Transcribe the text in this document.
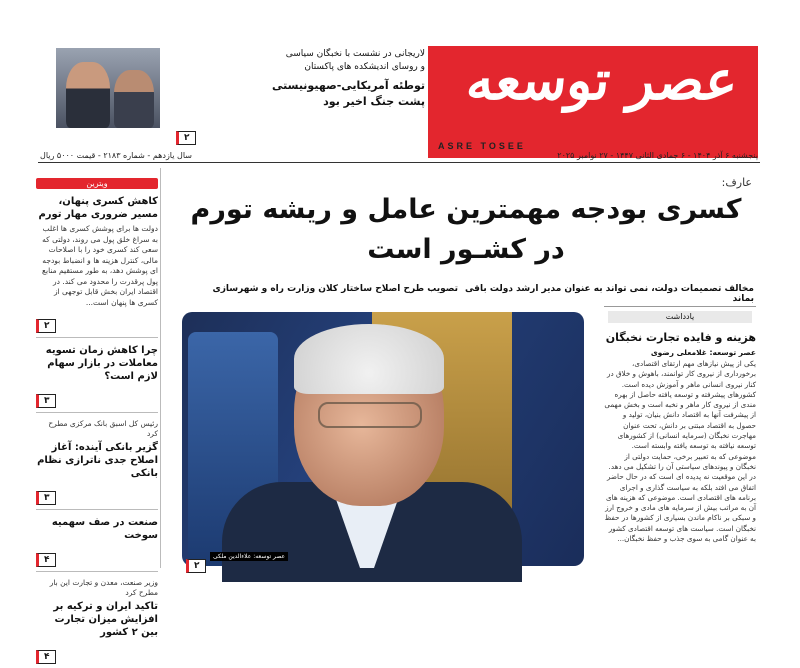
عصر توسعه
ASRE TOSEE
پنجشنبه ۶ آذر ۱۴۰۴ - ۶ جمادی الثانی ۱۴۴۷ - ۲۷ نوامبر ۲۰۲۵
سال یازدهم - شماره ۲۱۸۳ - قیمت ۵۰۰۰ ریال
لاریجانی در نشست با نخبگان سیاسی
و روسای اندیشکده های پاکستان
توطئه آمریکایی-صهیونیستی
پشت جنگ اخیر بود
۲
ویترین
کاهش کسری پنهان، مسیر ضروری مهار تورم
دولت ها برای پوشش کسری ها اغلب به سراغ خلق پول می روند، دولتی که سعی کند کسری خود را با اصلاحات مالی، کنترل هزینه ها و انضباط بودجه ای پوشش دهد، به طور مستقیم منابع پول پرقدرت را محدود می کند. در اقتصاد ایران بخش قابل توجهی از کسری ها پنهان است...
۲
چرا کاهش زمان تسویه معاملات در بازار سهام لازم است؟
۳
رئیس کل اسبق بانک مرکزی مطرح کرد
گزیر بانکی آینده: آغاز اصلاح جدی ناترازی نظام بانکی
۳
صنعت در صف سهمیه سوخت
۴
وزیر صنعت، معدن و تجارت این بار مطرح کرد
تاکید ایران و ترکیه بر افزایش میزان تجارت بین ۲ کشور
۴
عارف:
کسری بودجه مهمترین عامل و ریشه تورم
در کشـور است
مخالف تصمیمات دولت، نمی تواند به عنوان مدیر ارشد دولت باقی بماند
تصویب طرح اصلاح ساختار کلان وزارت راه و شهرسازی
۲
عصر توسعه: علاءالدین ملکی
یادداشت
هزینه و فایده تجارت نخبگان
عصر توسعه: غلامعلی رضوی
یکی از پیش نیازهای مهم ارتقای اقتصادی، برخورداری از نیروی کار توانمند، باهوش و خلاق در کنار نیروی انسانی ماهر و آموزش دیده است. کشورهای پیشرفته و توسعه یافته حاصل از بهره مندی از نیروی کار ماهر و نخبه است و بخش مهمی از پیشرفت آنها به اقتصاد دانش بنیان، تولید و حصول به اقتصاد مبتنی بر دانش، تحت عنوان مهاجرت نخبگان (سرمایه انسانی) از کشورهای توسعه نیافته به توسعه یافته وابسته است. موضوعی که به تعبیر برخی، حمایت دولتی از نخبگان و پیوندهای سیاستی آن را تشکیل می دهد. در این موقعیت نه پدیده ای است که در حال حاضر اتفاق می افتد بلکه به سیاست گذاری و اجرای برنامه های اقتصادی است. موضوعی که هزینه های آن به مراتب بیش از سرمایه های مادی و خروج ارز و سبکی بر ناکام ماندن بسیاری از کشورها در حفظ نخبگان است. سیاست های توسعه اقتصادی کشور به عنوان گامی به سوی جذب و حفظ نخبگان...
